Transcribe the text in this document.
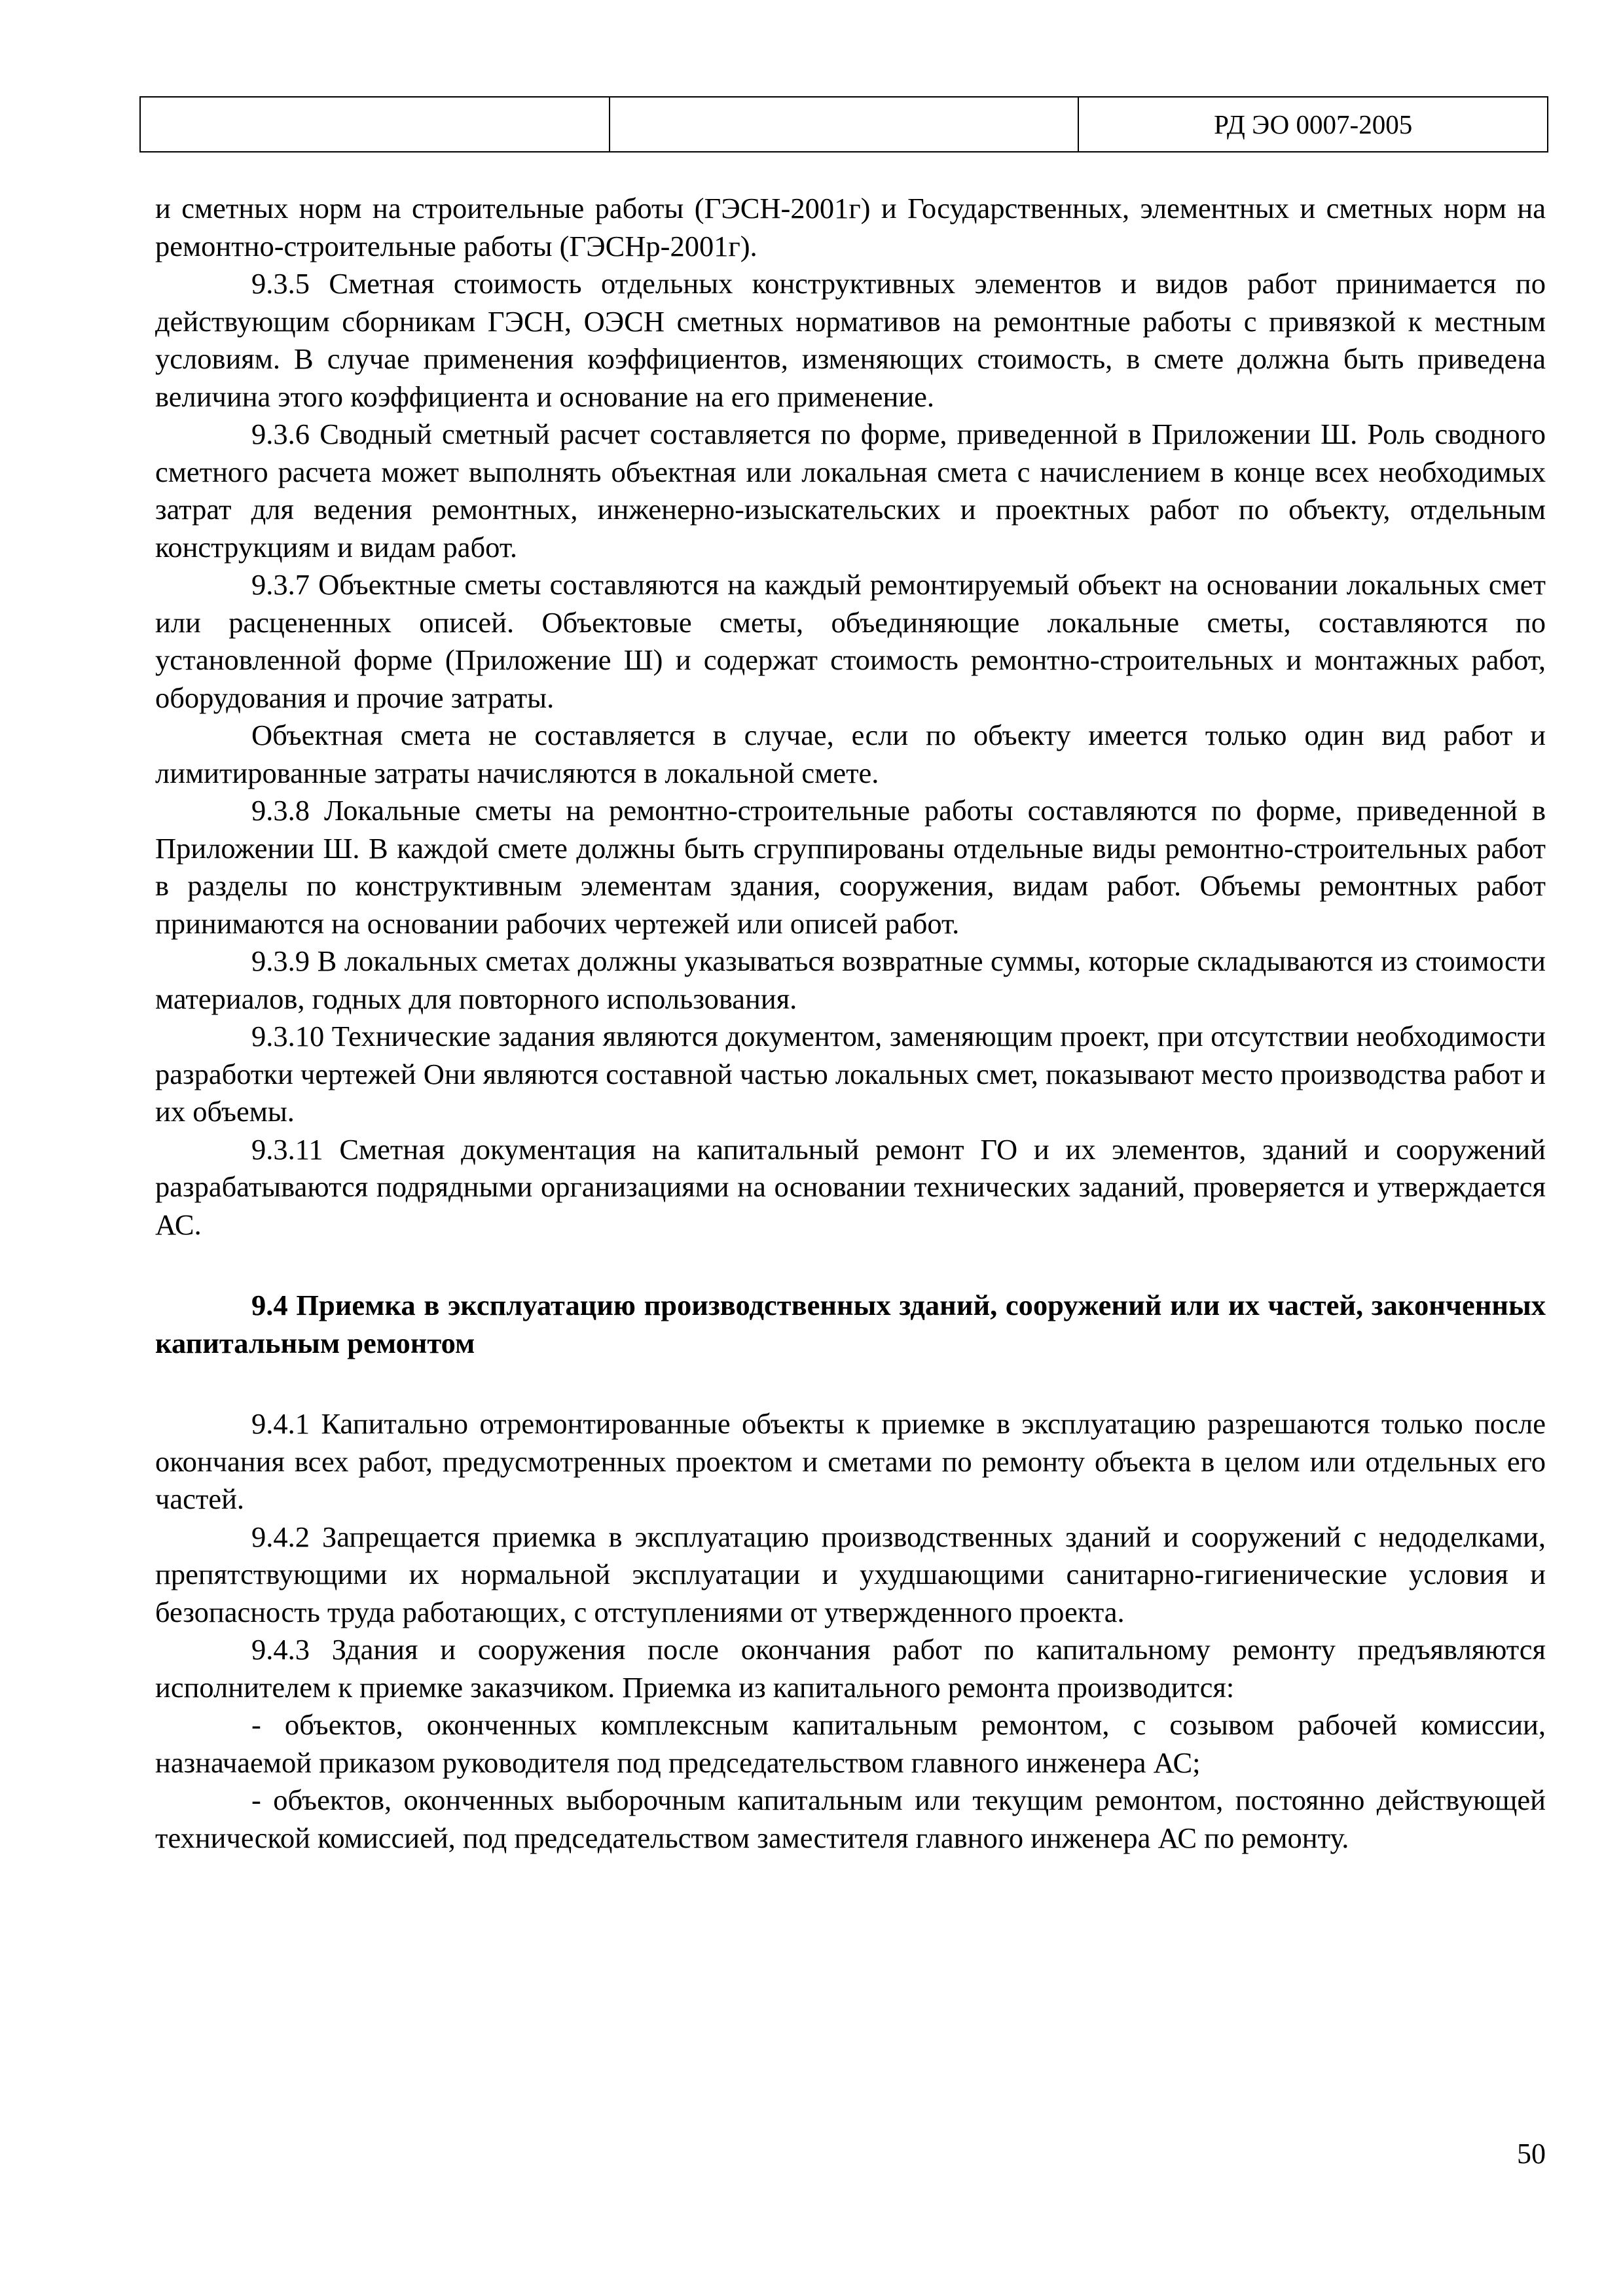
РД ЭО 0007-2005

и сметных норм на строительные работы (ГЭСН-2001г) и Государственных, элементных и сметных норм на ремонтно-строительные работы (ГЭСНр-2001г).

9.3.5 Сметная стоимость отдельных конструктивных элементов и видов работ принимается по действующим сборникам ГЭСН, ОЭСН сметных нормативов на ремонтные работы с привязкой к местным условиям. В случае применения коэффициентов, изменяющих стоимость, в смете должна быть приведена величина этого коэффициента и основание на его применение.

9.3.6 Сводный сметный расчет составляется по форме, приведенной в Приложении Ш. Роль сводного сметного расчета может выполнять объектная или локальная смета с начислением в конце всех необходимых затрат для ведения ремонтных, инженерно-изыскательских и проектных работ по объекту, отдельным конструкциям и видам работ.

9.3.7 Объектные сметы составляются на каждый ремонтируемый объект на основании локальных смет или расцененных описей. Объектовые сметы, объединяющие локальные сметы, составляются по установленной форме (Приложение Ш) и содержат стоимость ремонтно-строительных и монтажных работ, оборудования и прочие затраты.

Объектная смета не составляется в случае, если по объекту имеется только один вид работ и лимитированные затраты начисляются в локальной смете.

9.3.8 Локальные сметы на ремонтно-строительные работы составляются по форме, приведенной в Приложении Ш. В каждой смете должны быть сгруппированы отдельные виды ремонтно-строительных работ в разделы по конструктивным элементам здания, сооружения, видам работ. Объемы ремонтных работ принимаются на основании рабочих чертежей или описей работ.

9.3.9 В локальных сметах должны указываться возвратные суммы, которые складываются из стоимости материалов, годных для повторного использования.

9.3.10 Технические задания являются документом, заменяющим проект, при отсутствии необходимости разработки чертежей Они являются составной частью локальных смет, показывают место производства работ и их объемы.

9.3.11 Сметная документация на капитальный ремонт ГО и их элементов, зданий и сооружений разрабатываются подрядными организациями на основании технических заданий, проверяется и утверждается АС.

9.4 Приемка в эксплуатацию производственных зданий, сооружений или их частей, законченных капитальным ремонтом

9.4.1 Капитально отремонтированные объекты к приемке в эксплуатацию разрешаются только после окончания всех работ, предусмотренных проектом и сметами по ремонту объекта в целом или отдельных его частей.

9.4.2 Запрещается приемка в эксплуатацию производственных зданий и сооружений с недоделками, препятствующими их нормальной эксплуатации и ухудшающими санитарно-гигиенические условия и безопасность труда работающих, с отступлениями от утвержденного проекта.

9.4.3 Здания и сооружения после окончания работ по капитальному ремонту предъявляются исполнителем к приемке заказчиком. Приемка из капитального ремонта производится:

- объектов, оконченных комплексным капитальным ремонтом, с созывом рабочей комиссии, назначаемой приказом руководителя под председательством главного инженера АС;

- объектов, оконченных выборочным капитальным или текущим ремонтом, постоянно действующей технической комиссией, под председательством заместителя главного инженера АС по ремонту.

50
